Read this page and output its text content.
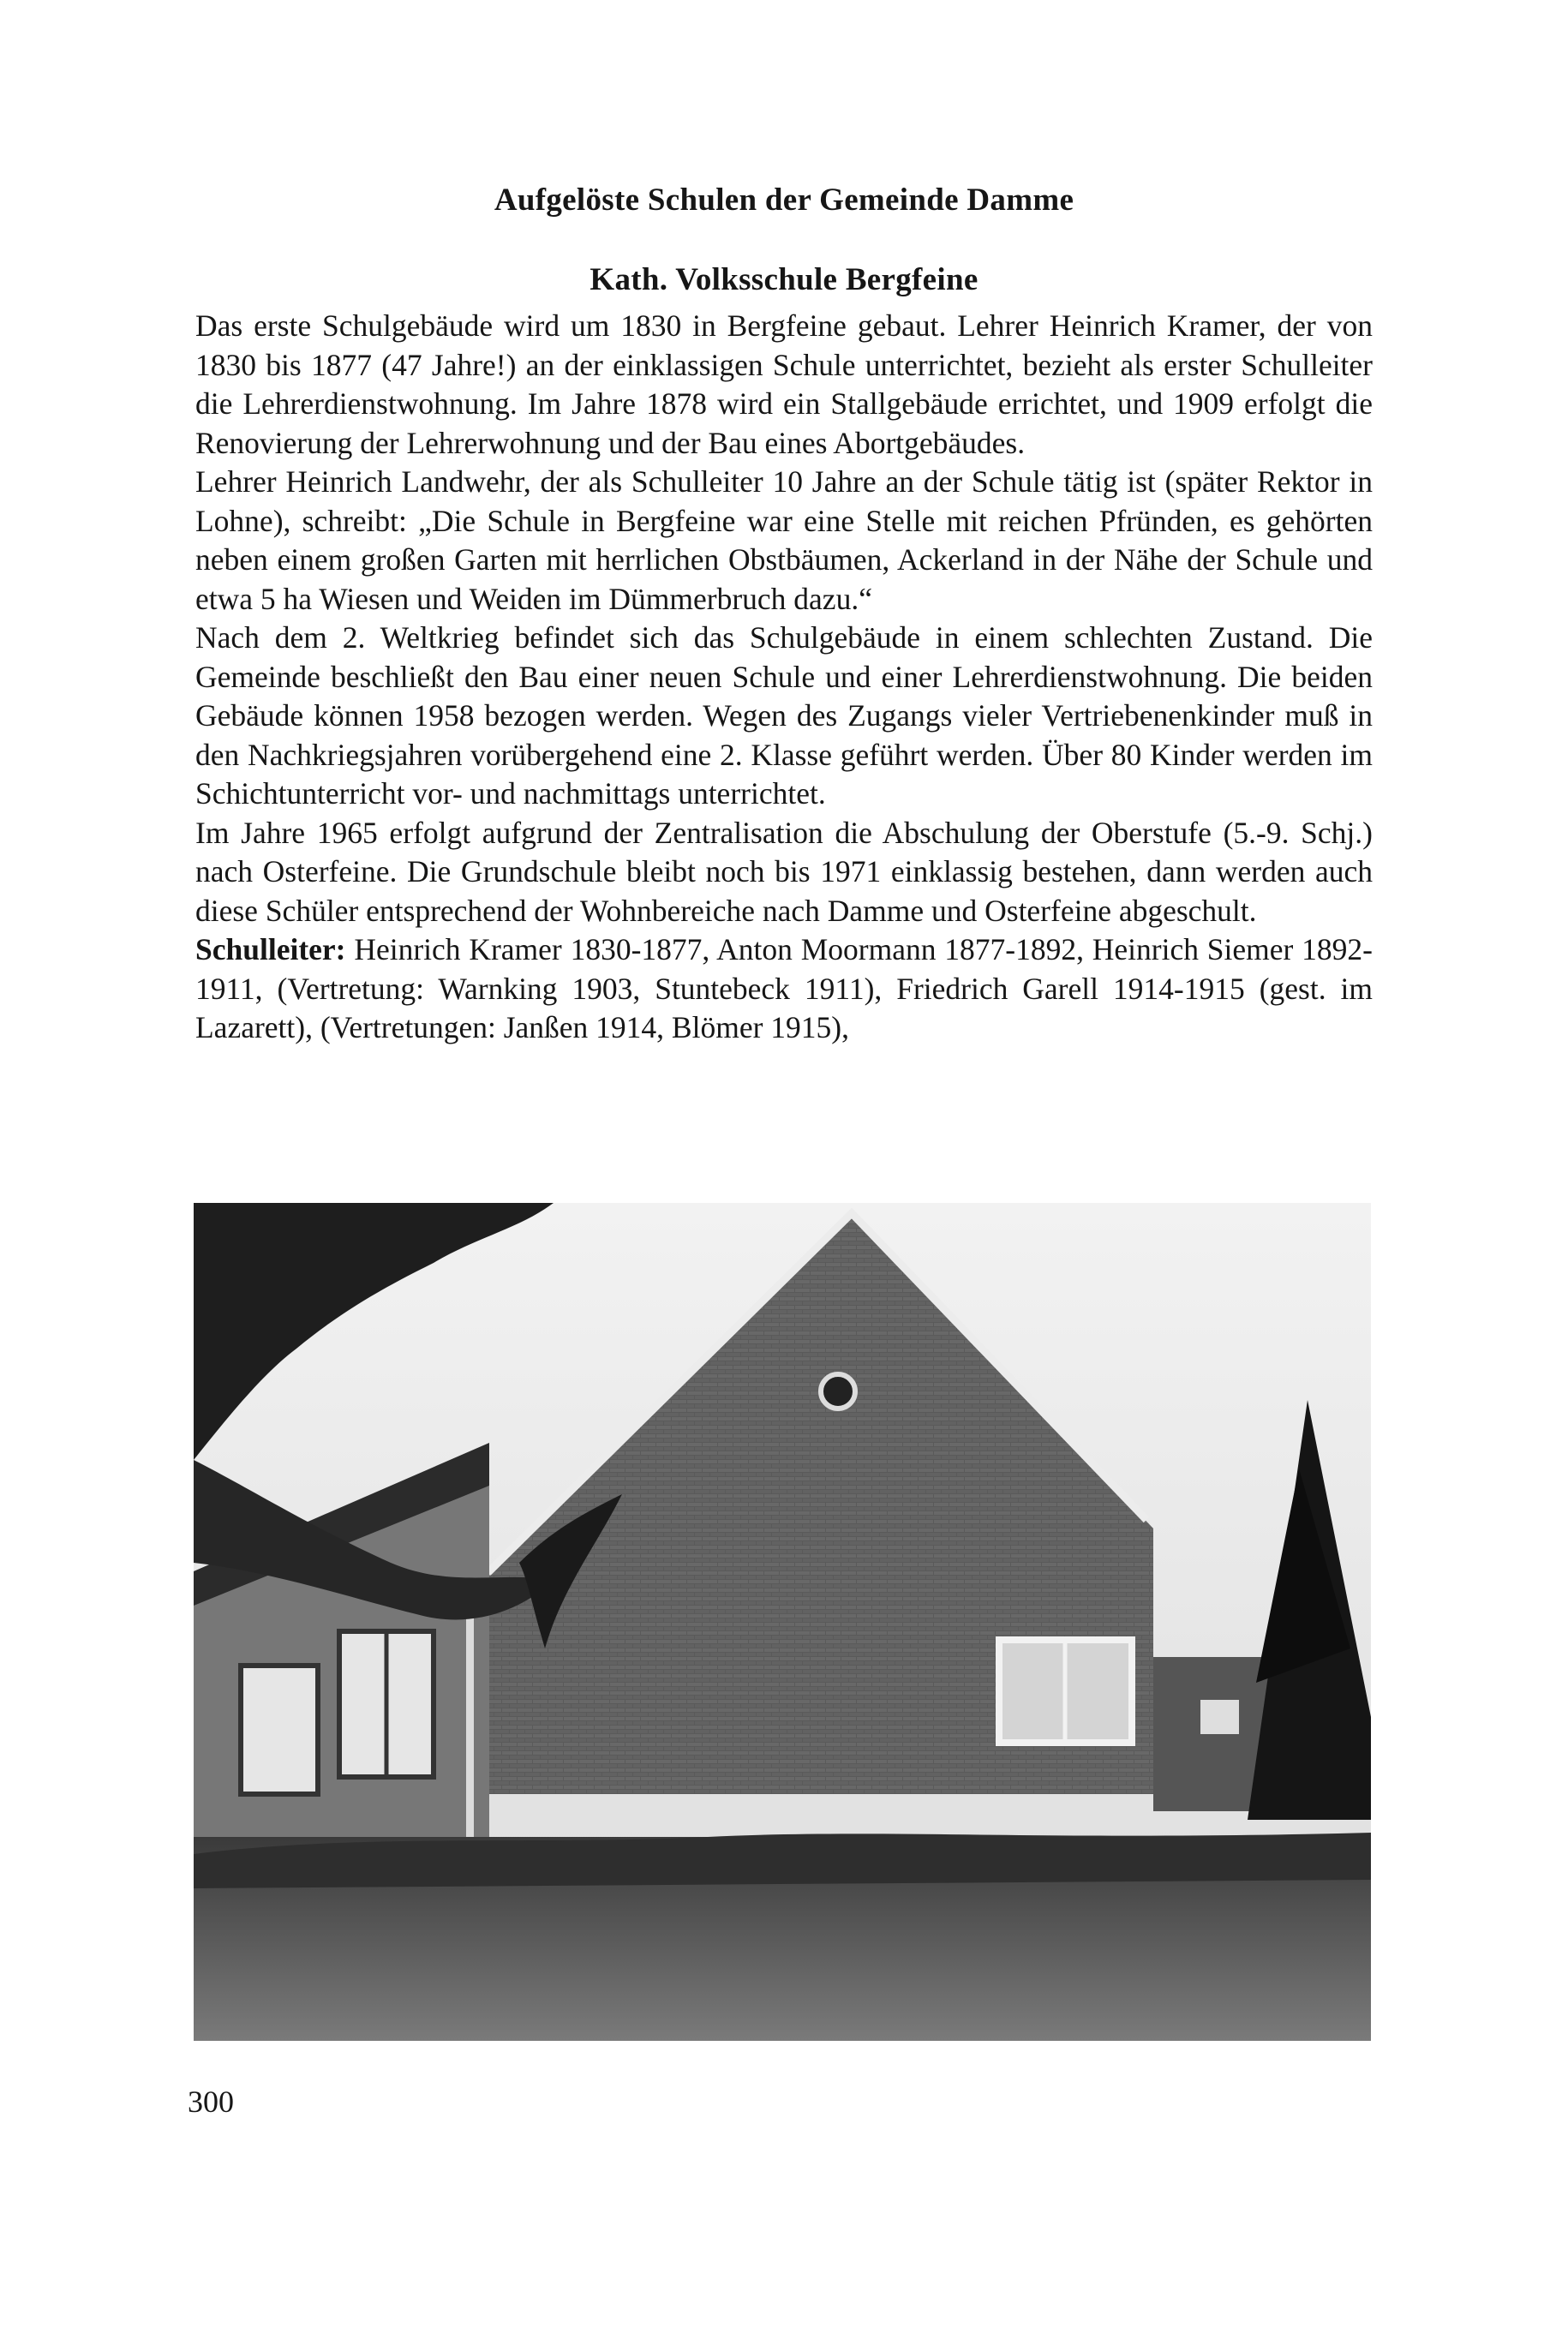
Aufgelöste Schulen der Gemeinde Damme
Kath. Volksschule Bergfeine

Das erste Schulgebäude wird um 1830 in Bergfeine gebaut. Lehrer Heinrich Kramer, der von 1830 bis 1877 (47 Jahre!) an der einklassigen Schule unterrichtet, bezieht als erster Schulleiter die Lehrerdienstwohnung. Im Jahre 1878 wird ein Stallgebäude errichtet, und 1909 erfolgt die Renovierung der Lehrerwohnung und der Bau eines Abortgebäudes.

Lehrer Heinrich Landwehr, der als Schulleiter 10 Jahre an der Schule tätig ist (später Rektor in Lohne), schreibt: „Die Schule in Bergfeine war eine Stelle mit reichen Pfründen, es gehörten neben einem großen Garten mit herrlichen Obstbäumen, Ackerland in der Nähe der Schule und etwa 5 ha Wiesen und Weiden im Dümmerbruch dazu.“

Nach dem 2. Weltkrieg befindet sich das Schulgebäude in einem schlechten Zustand. Die Gemeinde beschließt den Bau einer neuen Schule und einer Lehrerdienstwohnung. Die beiden Gebäude können 1958 bezogen werden. Wegen des Zugangs vieler Vertriebenenkinder muß in den Nachkriegsjahren vorübergehend eine 2. Klasse geführt werden. Über 80 Kinder werden im Schichtunterricht vor- und nachmittags unterrichtet.

Im Jahre 1965 erfolgt aufgrund der Zentralisation die Abschulung der Oberstufe (5.-9. Schj.) nach Osterfeine. Die Grundschule bleibt noch bis 1971 einklassig bestehen, dann werden auch diese Schüler entsprechend der Wohnbereiche nach Damme und Osterfeine abgeschult.

Schulleiter: Heinrich Kramer 1830-1877, Anton Moormann 1877-1892, Heinrich Siemer 1892-1911, (Vertretung: Warnking 1903, Stuntebeck 1911), Friedrich Garell 1914-1915 (gest. im Lazarett), (Vertretungen: Janßen 1914, Blömer 1915),

300
